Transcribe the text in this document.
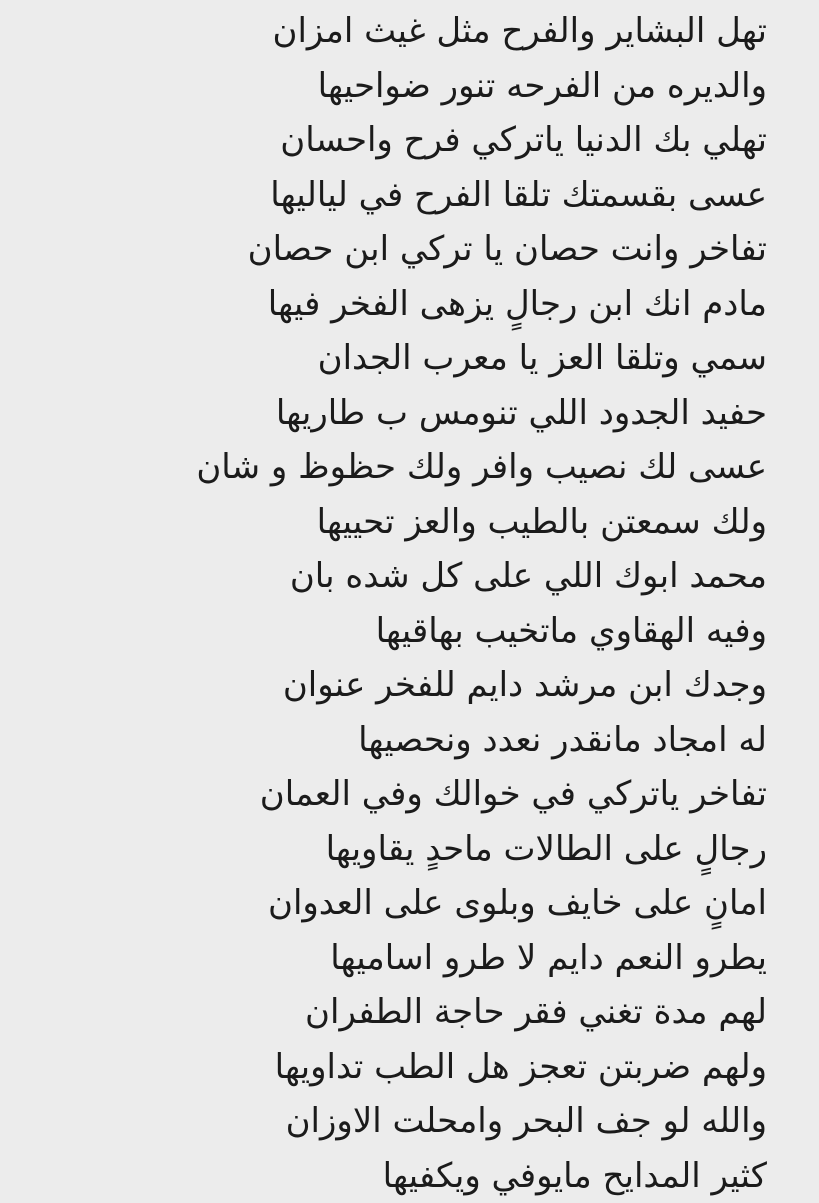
تهل البشاير والفرح مثل غيث امزان
والديره من الفرحه تنور ضواحيها
تهلي بك الدنيا ياتركي فرح واحسان
عسى بقسمتك تلقا الفرح في لياليها
تفاخر وانت حصان يا تركي ابن حصان
مادم انك ابن رجالٍ يزهى الفخر فيها
سمي وتلقا العز يا معرب الجدان
حفيد الجدود اللي تنومس ب طاريها
عسى لك نصيب وافر ولك حظوظ و شان
ولك سمعتن بالطيب والعز تحييها
محمد ابوك اللي على كل شده بان
وفيه الهقاوي ماتخيب بهاقيها
وجدك ابن مرشد دايم للفخر عنوان
له امجاد مانقدر نعدد ونحصيها
تفاخر ياتركي في خوالك وفي العمان
رجالٍ على الطالات ماحدٍ يقاويها
امانٍ على خايف وبلوى على العدوان
يطرو النعم دايم لا طرو اساميها
لهم مدة تغني فقر حاجة الطفران
ولهم ضربتن تعجز هل الطب تداويها
والله لو جف البحر وامحلت الاوزان
كثير المدايح مايوفي ويكفيها
